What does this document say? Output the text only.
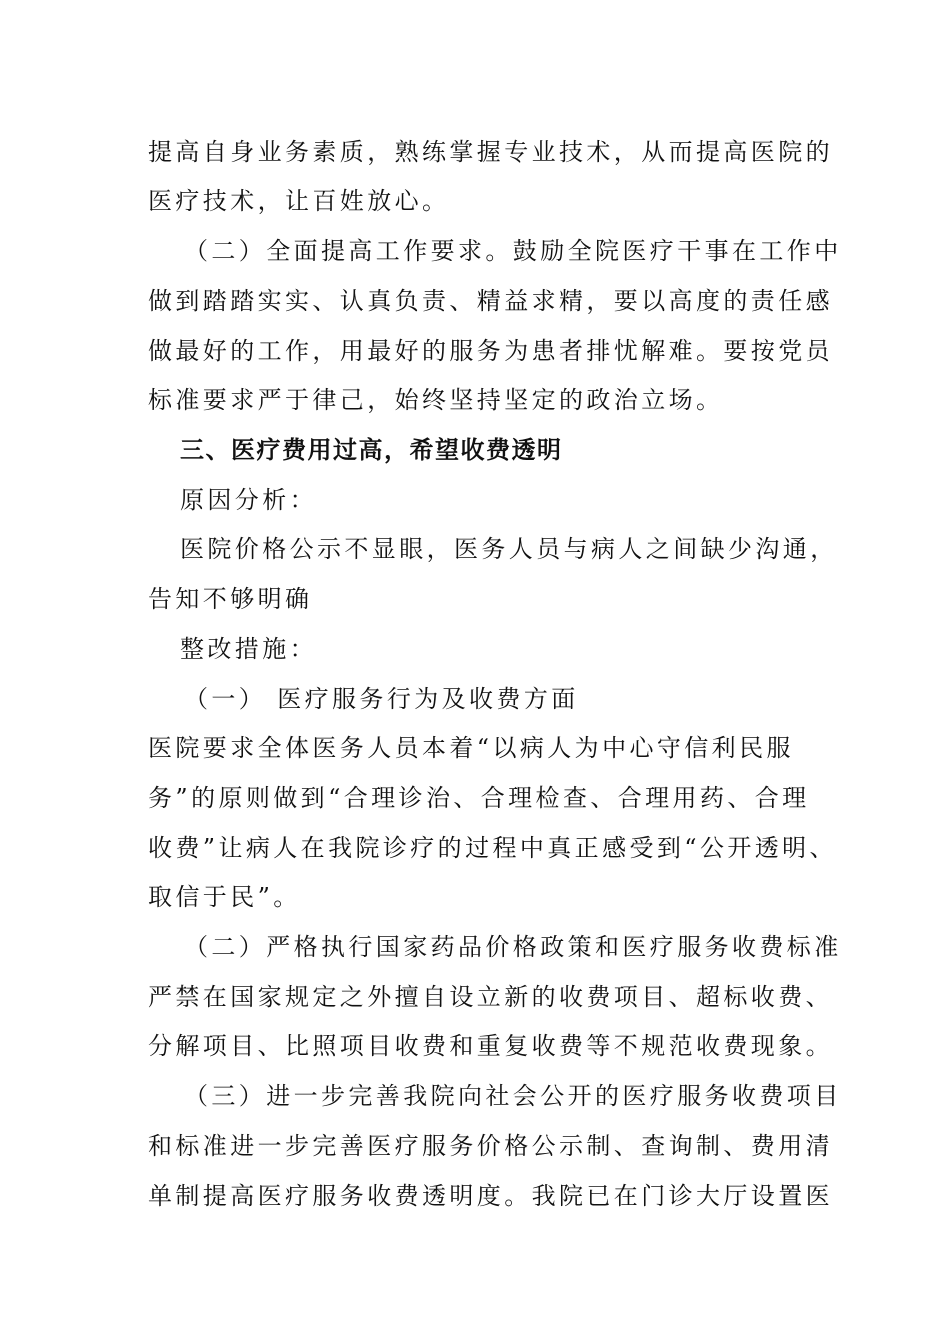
提高自身业务素质，熟练掌握专业技术，从而提高医院的
医疗技术，让百姓放心。
（二）全面提高工作要求。鼓励全院医疗干事在工作中
做到踏踏实实、认真负责、精益求精，要以高度的责任感
做最好的工作，用最好的服务为患者排忧解难。要按党员
标准要求严于律己，始终坚持坚定的政治立场。
三、医疗费用过高，希望收费透明
原因分析：
医院价格公示不显眼，医务人员与病人之间缺少沟通，
告知不够明确
整改措施：
（一） 医疗服务行为及收费方面
医院要求全体医务人员本着“以病人为中心守信利民服
务”的原则做到“合理诊治、合理检查、合理用药、合理
收费”让病人在我院诊疗的过程中真正感受到“公开透明、
取信于民”。
（二）严格执行国家药品价格政策和医疗服务收费标准
严禁在国家规定之外擅自设立新的收费项目、超标收费、
分解项目、比照项目收费和重复收费等不规范收费现象。
（三）进一步完善我院向社会公开的医疗服务收费项目
和标准进一步完善医疗服务价格公示制、查询制、费用清
单制提高医疗服务收费透明度。我院已在门诊大厅设置医
